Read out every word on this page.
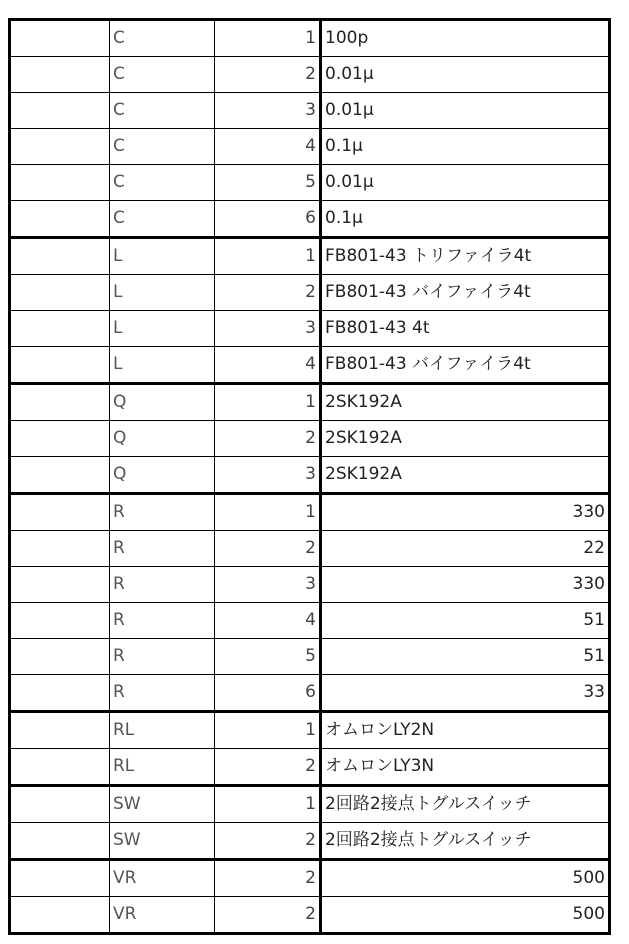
	C	1	100p
	C	2	0.01μ
	C	3	0.01μ
	C	4	0.1μ
	C	5	0.01μ
	C	6	0.1μ
	L	1	FB801-43 トリファイラ4t
	L	2	FB801-43 バイファイラ4t
	L	3	FB801-43 4t
	L	4	FB801-43 バイファイラ4t
	Q	1	2SK192A
	Q	2	2SK192A
	Q	3	2SK192A
	R	1	330
	R	2	22
	R	3	330
	R	4	51
	R	5	51
	R	6	33
	RL	1	オムロンLY2N
	RL	2	オムロンLY3N
	SW	1	2回路2接点トグルスイッチ
	SW	2	2回路2接点トグルスイッチ
	VR	2	500
	VR	2	500
